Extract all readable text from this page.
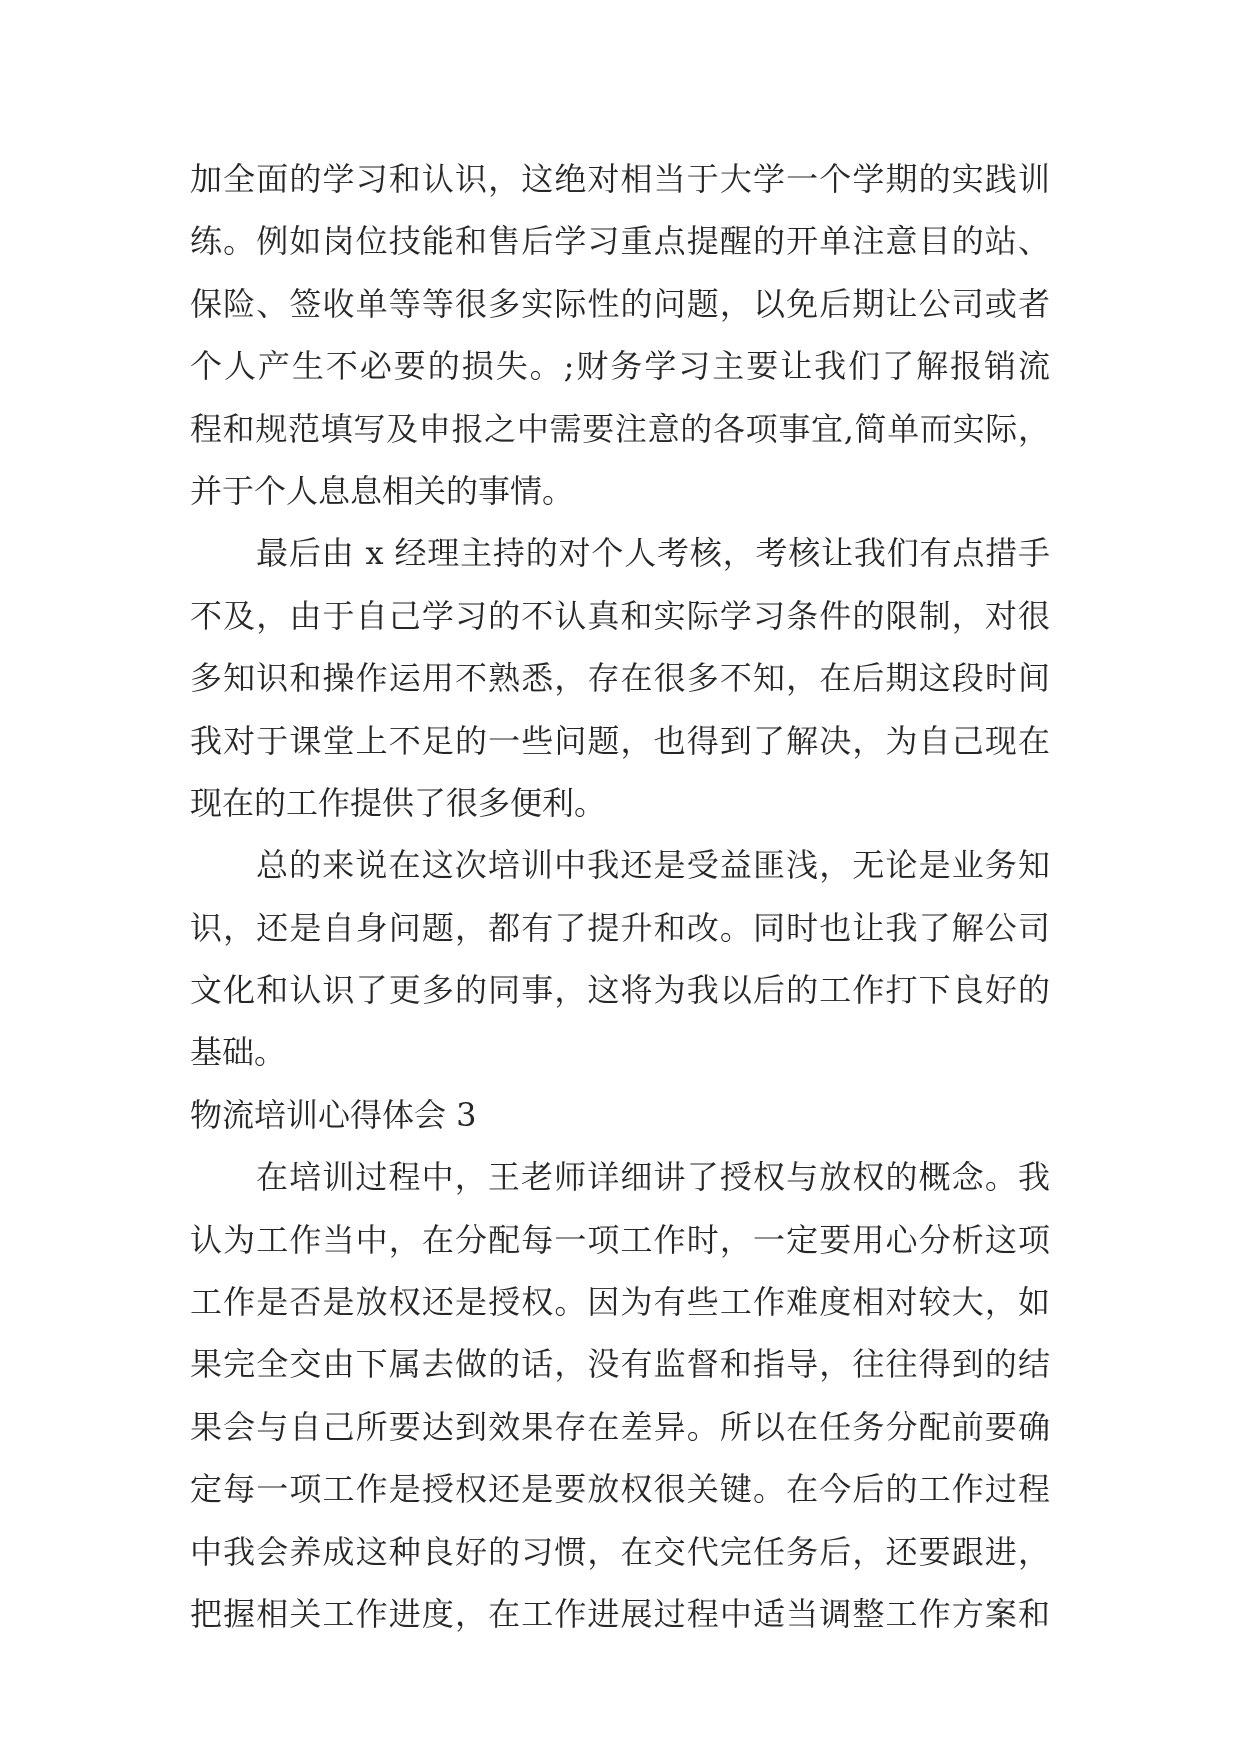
加全面的学习和认识，这绝对相当于大学一个学期的实践训
练。例如岗位技能和售后学习重点提醒的开单注意目的站、
保险、签收单等等很多实际性的问题，以免后期让公司或者
个人产生不必要的损失。;财务学习主要让我们了解报销流
程和规范填写及申报之中需要注意的各项事宜,简单而实际，
并于个人息息相关的事情。
最后由 x 经理主持的对个人考核，考核让我们有点措手
不及，由于自己学习的不认真和实际学习条件的限制，对很
多知识和操作运用不熟悉，存在很多不知，在后期这段时间
我对于课堂上不足的一些问题，也得到了解决，为自己现在
现在的工作提供了很多便利。
总的来说在这次培训中我还是受益匪浅，无论是业务知
识，还是自身问题，都有了提升和改。同时也让我了解公司
文化和认识了更多的同事，这将为我以后的工作打下良好的
基础。
物流培训心得体会 3
在培训过程中，王老师详细讲了授权与放权的概念。我
认为工作当中，在分配每一项工作时，一定要用心分析这项
工作是否是放权还是授权。因为有些工作难度相对较大，如
果完全交由下属去做的话，没有监督和指导，往往得到的结
果会与自己所要达到效果存在差异。所以在任务分配前要确
定每一项工作是授权还是要放权很关键。在今后的工作过程
中我会养成这种良好的习惯，在交代完任务后，还要跟进，
把握相关工作进度，在工作进展过程中适当调整工作方案和
